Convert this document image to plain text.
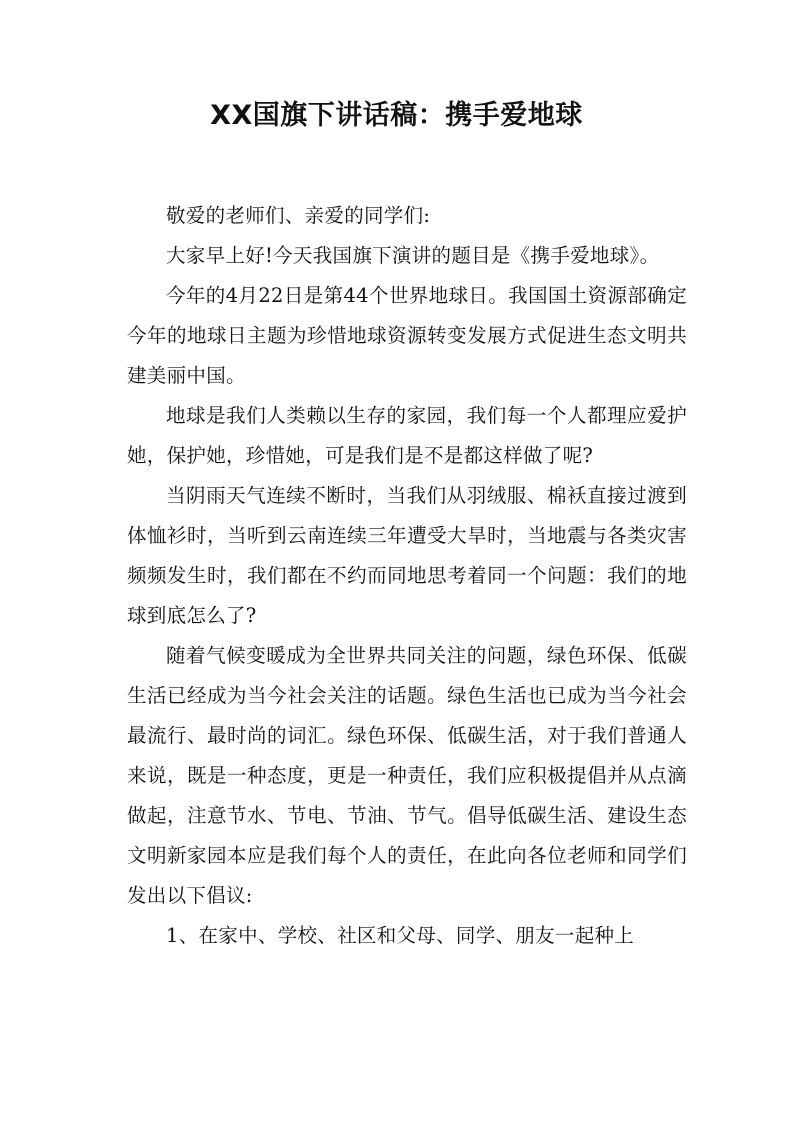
XX国旗下讲话稿：携手爱地球

敬爱的老师们、亲爱的同学们:

大家早上好!今天我国旗下演讲的题目是《携手爱地球》。

今年的4月22日是第44个世界地球日。我国国土资源部确定今年的地球日主题为珍惜地球资源转变发展方式促进生态文明共建美丽中国。

地球是我们人类赖以生存的家园，我们每一个人都理应爱护她，保护她，珍惜她，可是我们是不是都这样做了呢?

当阴雨天气连续不断时，当我们从羽绒服、棉袄直接过渡到体恤衫时，当听到云南连续三年遭受大旱时，当地震与各类灾害频频发生时，我们都在不约而同地思考着同一个问题：我们的地球到底怎么了?

随着气候变暖成为全世界共同关注的问题，绿色环保、低碳生活已经成为当今社会关注的话题。绿色生活也已成为当今社会最流行、最时尚的词汇。绿色环保、低碳生活，对于我们普通人来说，既是一种态度，更是一种责任，我们应积极提倡并从点滴做起，注意节水、节电、节油、节气。倡导低碳生活、建设生态文明新家园本应是我们每个人的责任，在此向各位老师和同学们发出以下倡议:

1、在家中、学校、社区和父母、同学、朋友一起种上
